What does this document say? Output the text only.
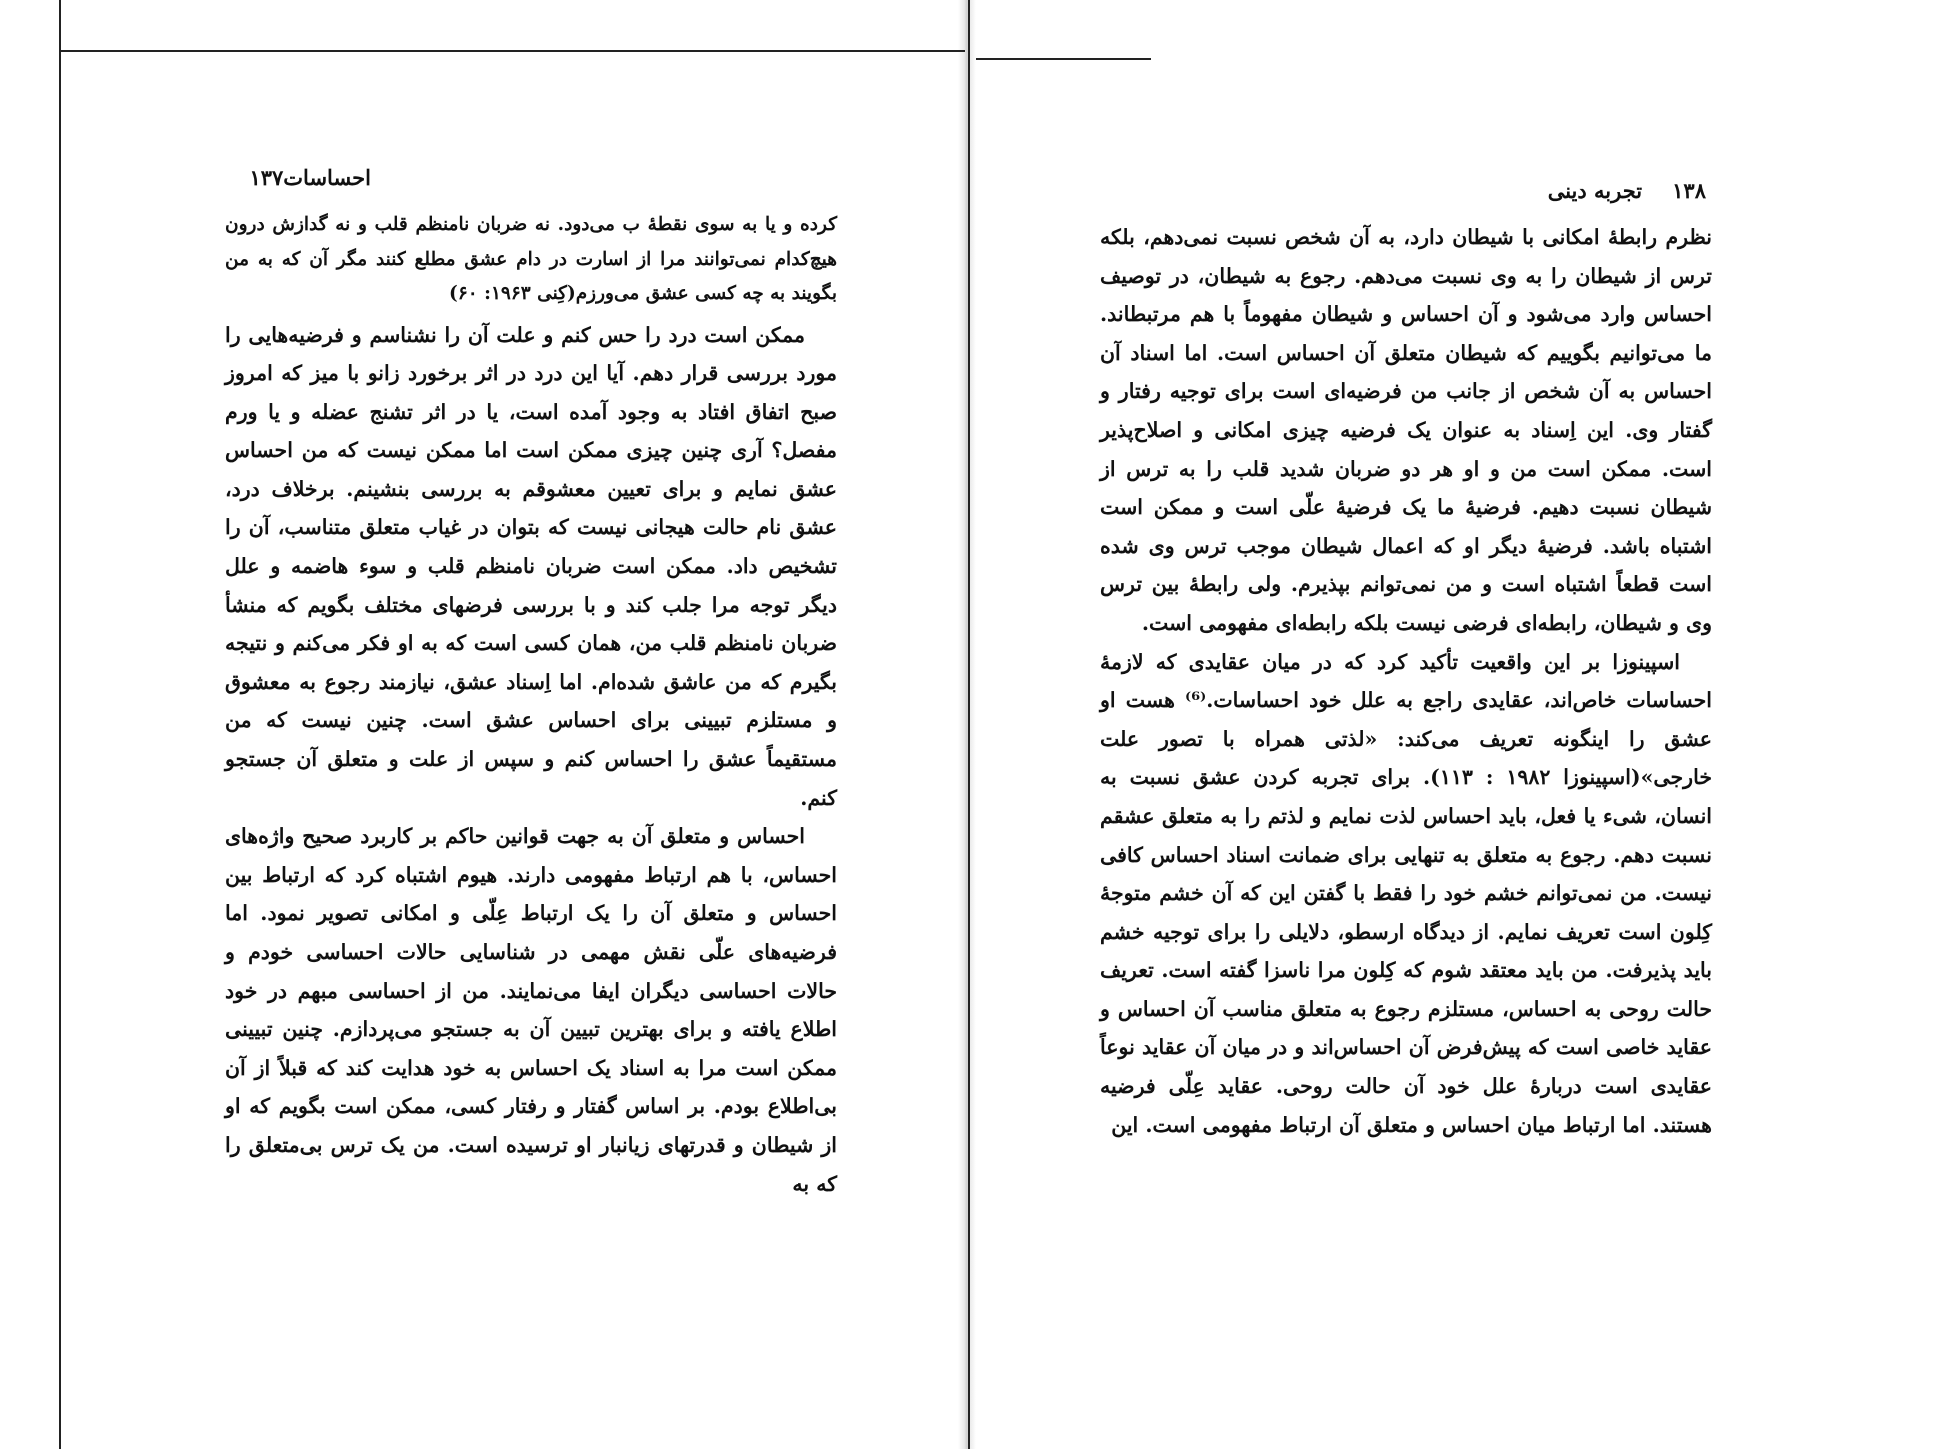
احساسات۱۳۷

کرده و یا به سوی نقطهٔ ب می‌دود. نه ضربان نامنظم قلب و نه گداز‌ش درون هیچ‌کدام نمی‌توانند مرا از اسارت در دام عشق مطلع کنند مگر آن که به من بگویند به چه کسی عشق می‌ورزم(کِنی ۱۹۶۳: ۶۰)

ممکن است درد را حس کنم و علت آن را نشناسم و فرضیه‌هایی را مورد بررسی قرار دهم. آیا این درد در اثر برخورد زانو با میز که امروز صبح اتفاق افتاد به وجود آمده است، یا در اثر تشنج عضله و یا ورم مفصل؟ آری چنین چیزی ممکن است اما ممکن نیست که من احساس عشق نمایم و برای تعیین معشوقم به بررسی بنشینم. برخلاف درد، عشق نام حالت هیجانی نیست که بتوان در غیاب متعلق متناسب، آن را تشخیص داد. ممکن است ضربان نامنظم قلب و سوء هاضمه و علل دیگر توجه مرا جلب کند و با بررسی فرضهای مختلف بگویم که منشأ ضربان نامنظم قلب من، همان کسی است که به او فکر می‌کنم و نتیجه بگیرم که من عاشق شده‌ام. اما اِسناد عشق، نیازمند رجوع به معشوق و مستلزم تبیینی برای احساس عشق است. چنین نیست که من مستقیماً عشق را احساس کنم و سپس از علت و متعلق آن جستجو کنم.

احساس و متعلق آن به جهت قوانین حاکم بر کاربرد صحیح واژه‌های احساس، با هم ارتباط مفهومی دارند. هیوم اشتباه کرد که ارتباط بین احساس و متعلق آن را یک ارتباط عِلّی و امکانی تصویر نمود. اما فرضیه‌های علّی نقش مهمی در شناسایی حالات احساسی خودم و حالات احساسی دیگران ایفا می‌نمایند. من از احساسی مبهم در خود اطلاع یافته و برای بهترین تبیین آن به جستجو می‌پردازم. چنین تبیینی ممکن است مرا به اسناد یک احساس به خود هدایت کند که قبلاً از آن بی‌اطلاع بودم. بر اساس گفتار و رفتار کسی، ممکن است بگویم که او از شیطان و قدرتهای زیانبار او ترسیده است. من یک ترس بی‌متعلق را که به

۱۳۸تجربه دینی

نظرم رابطهٔ امکانی با شیطان دارد، به آن شخص نسبت نمی‌دهم، بلکه ترس از شیطان را به وی نسبت می‌دهم. رجوع به شیطان، در توصیف احساس وارد می‌شود و آن احساس و شیطان مفهوماً با هم مرتبطاند. ما می‌توانیم بگوییم که شیطان متعلق آن احساس است. اما اسناد آن احساس به آن شخص از جانب من فرضیه‌ای است برای توجیه رفتار و گفتار وی. این اِسناد به عنوان یک فرضیه چیزی امکانی و اصلاح‌پذیر است. ممکن است من و او هر دو ضربان شدید قلب را به ترس از شیطان نسبت دهیم. فرضیهٔ ما یک فرضیهٔ علّی است و ممکن است اشتباه باشد. فرضیهٔ دیگر او که اعمال شیطان موجب ترس وی شده است قطعاً اشتباه است و من نمی‌توانم بپذیرم. ولی رابطهٔ بین ترس وی و شیطان، رابطه‌ای فرضی نیست بلکه رابطه‌ای مفهومی است.

اسپینوزا بر این واقعیت تأکید کرد که در میان عقایدی که لازمهٔ احساسات خاص‌اند، عقایدی راجع به علل خود احساسات.⁽⁶⁾ هست او عشق را اینگونه تعریف می‌کند: «لذتی همراه با تصور علت خارجی»(اسپینوزا ۱۹۸۲ : ۱۱۳). برای تجربه کردن عشق نسبت به انسان، شیء یا فعل، باید احساس لذت نمایم و لذتم را به متعلق عشقم نسبت دهم. رجوع به متعلق به تنهایی برای ضمانت اسناد احساس کافی نیست. من نمی‌توانم خشم خود را فقط با گفتن این که آن خشم متوجهٔ کِلون است تعریف نمایم. از دیدگاه ارسطو، دلایلی را برای توجیه خشم باید پذیرفت. من باید معتقد شوم که کِلون مرا ناسزا گفته است. تعریف حالت روحی به احساس، مستلزم رجوع به متعلق مناسب آن احساس و عقاید خاصی است که پیش‌فرض آن احساس‌اند و در میان آن عقاید نوعاً عقایدی است دربارهٔ علل خود آن حالت روحی. عقاید عِلّی فرضیه هستند. اما ارتباط میان احساس و متعلق آن ارتباط مفهومی است. این
